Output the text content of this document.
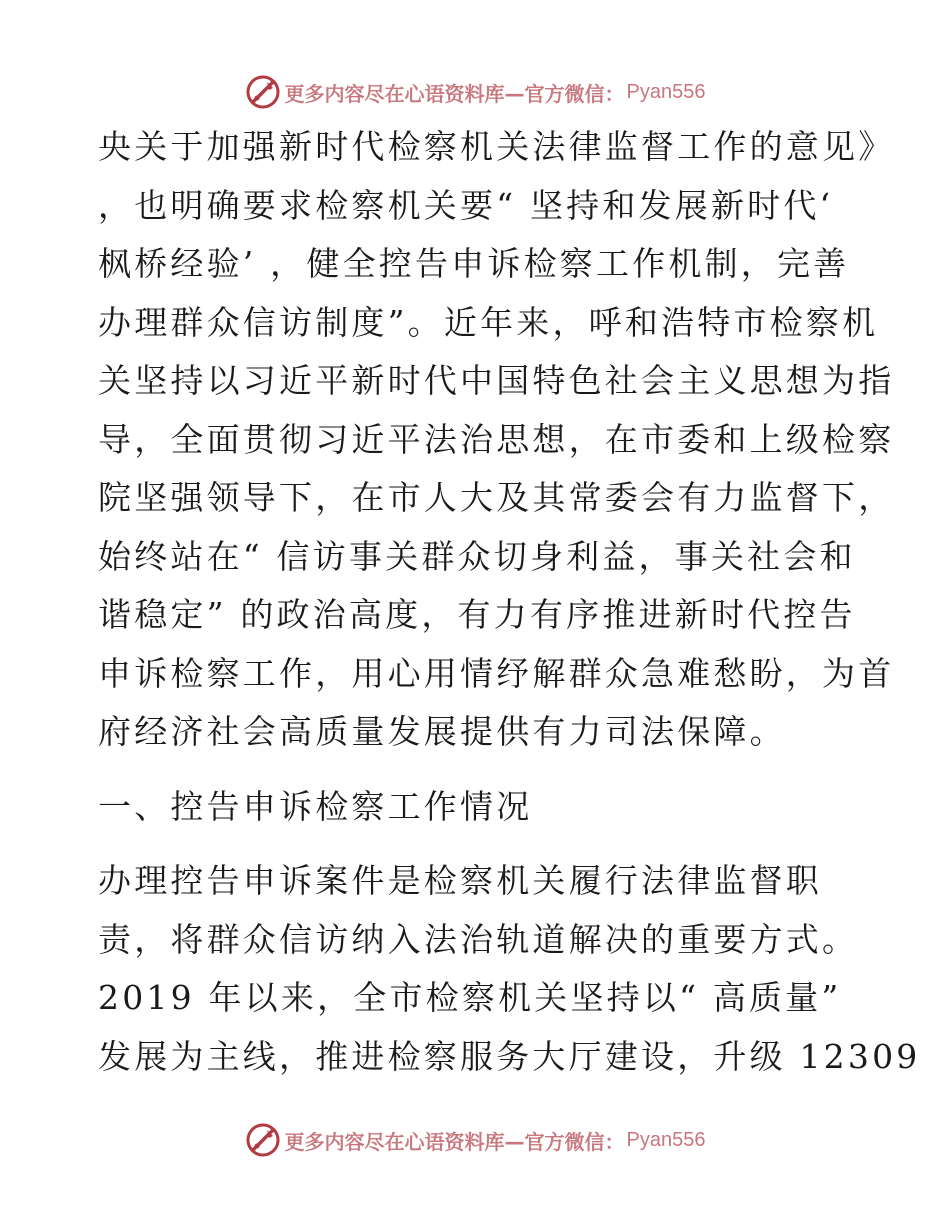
更多内容尽在心语资料库—官方微信： Pyan556
央关于加强新时代检察机关法律监督工作的意见》
，也明确要求检察机关要“ 坚持和发展新时代‘
枫桥经验’ ，健全控告申诉检察工作机制，完善
办理群众信访制度”。近年来，呼和浩特市检察机
关坚持以习近平新时代中国特色社会主义思想为指
导，全面贯彻习近平法治思想，在市委和上级检察
院坚强领导下，在市人大及其常委会有力监督下，
始终站在“ 信访事关群众切身利益，事关社会和
谐稳定” 的政治高度，有力有序推进新时代控告
申诉检察工作，用心用情纾解群众急难愁盼，为首
府经济社会高质量发展提供有力司法保障。
一、控告申诉检察工作情况
办理控告申诉案件是检察机关履行法律监督职
责，将群众信访纳入法治轨道解决的重要方式。
2019 年以来，全市检察机关坚持以“ 高质量”
发展为主线，推进检察服务大厅建设，升级 12309
更多内容尽在心语资料库—官方微信： Pyan556
